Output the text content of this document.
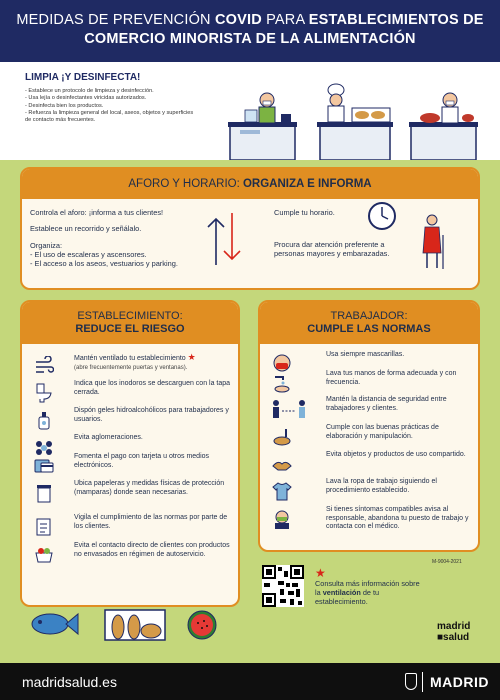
MEDIDAS DE PREVENCIÓN COVID PARA ESTABLECIMIENTOS DE
COMERCIO MINORISTA DE LA ALIMENTACIÓN
LIMPIA ¡Y DESINFECTA!
- Establece un protocolo de limpieza y desinfección.
- Usa lejía o desinfectantes viricidas autorizados.
- Desinfecta bien los productos.
- Refuerza la limpieza general del local, aseos, objetos y superficies de contacto más frecuentes.
AFORO Y HORARIO: ORGANIZA E INFORMA
Controla el aforo: ¡informa a tus clientes!
Establece un recorrido y señálalo.
Organiza:
- El uso de escaleras y ascensores.
- El acceso a los aseos, vestuarios y parking.
Cumple tu horario.
Procura dar atención preferente a personas mayores y embarazadas.
ESTABLECIMIENTO:
REDUCE EL RIESGO
Mantén ventilado tu establecimiento ★
(abre frecuentemente puertas y ventanas).
Indica que los inodoros se descarguen con la tapa cerrada.
Dispón geles hidroalcohólicos para trabajadores y usuarios.
Evita aglomeraciones.
Fomenta el pago con tarjeta u otros medios electrónicos.
Ubica papeleras y medidas físicas de protección (mamparas) donde sean necesarias.
Vigila el cumplimiento de las normas por parte de los clientes.
Evita el contacto directo de clientes con productos no envasados en régimen de autoservicio.
TRABAJADOR:
CUMPLE LAS NORMAS
Usa siempre mascarillas.
Lava tus manos de forma adecuada y con frecuencia.
Mantén la distancia de seguridad entre trabajadores y clientes.
Cumple con las buenas prácticas de elaboración y manipulación.
Evita objetos y productos de uso compartido.
Lava la ropa de trabajo siguiendo el procedimiento establecido.
Si tienes síntomas compatibles avisa al responsable, abandona tu puesto de trabajo y contacta con el médico.
M-9004-2021
★
Consulta más información sobre la ventilación de tu establecimiento.
madrid
■salud
madridsalud.es	MADRID
